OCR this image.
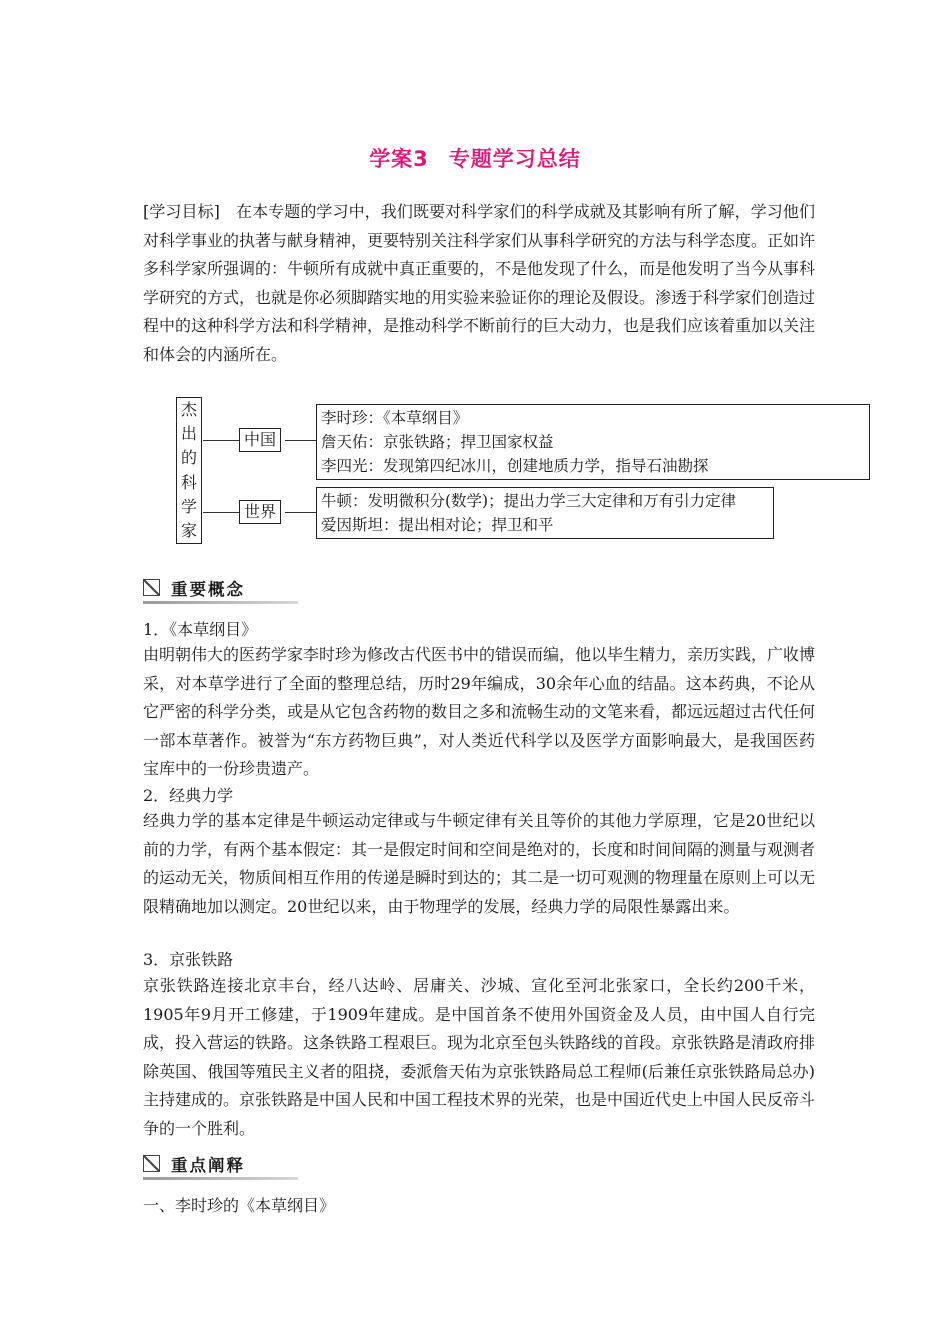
学案3 专题学习总结
[学习目标] 在本专题的学习中，我们既要对科学家们的科学成就及其影响有所了解，学习他们对科学事业的执著与献身精神，更要特别关注科学家们从事科学研究的方法与科学态度。正如许多科学家所强调的：牛顿所有成就中真正重要的，不是他发现了什么，而是他发明了当今从事科学研究的方式，也就是你必须脚踏实地的用实验来验证你的理论及假设。渗透于科学家们创造过程中的这种科学方法和科学精神，是推动科学不断前行的巨大动力，也是我们应该着重加以关注和体会的内涵所在。
杰
出
的
科
学
家
中国
李时珍：《本草纲目》
詹天佑：京张铁路；捍卫国家权益
李四光：发现第四纪冰川，创建地质力学，指导石油勘探
世界
牛顿：发明微积分(数学)；提出力学三大定律和万有引力定律
爱因斯坦：提出相对论；捍卫和平
重要概念
1．《本草纲目》
由明朝伟大的医药学家李时珍为修改古代医书中的错误而编，他以毕生精力，亲历实践，广收博采，对本草学进行了全面的整理总结，历时29年编成，30余年心血的结晶。这本药典，不论从它严密的科学分类，或是从它包含药物的数目之多和流畅生动的文笔来看，都远远超过古代任何一部本草著作。被誉为“东方药物巨典”，对人类近代科学以及医学方面影响最大，是我国医药宝库中的一份珍贵遗产。
2．经典力学
经典力学的基本定律是牛顿运动定律或与牛顿定律有关且等价的其他力学原理，它是20世纪以前的力学，有两个基本假定：其一是假定时间和空间是绝对的，长度和时间间隔的测量与观测者的运动无关，物质间相互作用的传递是瞬时到达的；其二是一切可观测的物理量在原则上可以无限精确地加以测定。20世纪以来，由于物理学的发展，经典力学的局限性暴露出来。
3．京张铁路
京张铁路连接北京丰台，经八达岭、居庸关、沙城、宣化至河北张家口，全长约200千米，1905年9月开工修建，于1909年建成。是中国首条不使用外国资金及人员，由中国人自行完成，投入营运的铁路。这条铁路工程艰巨。现为北京至包头铁路线的首段。京张铁路是清政府排除英国、俄国等殖民主义者的阻挠，委派詹天佑为京张铁路局总工程师(后兼任京张铁路局总办)主持建成的。京张铁路是中国人民和中国工程技术界的光荣，也是中国近代史上中国人民反帝斗争的一个胜利。
重点阐释
一、李时珍的《本草纲目》
